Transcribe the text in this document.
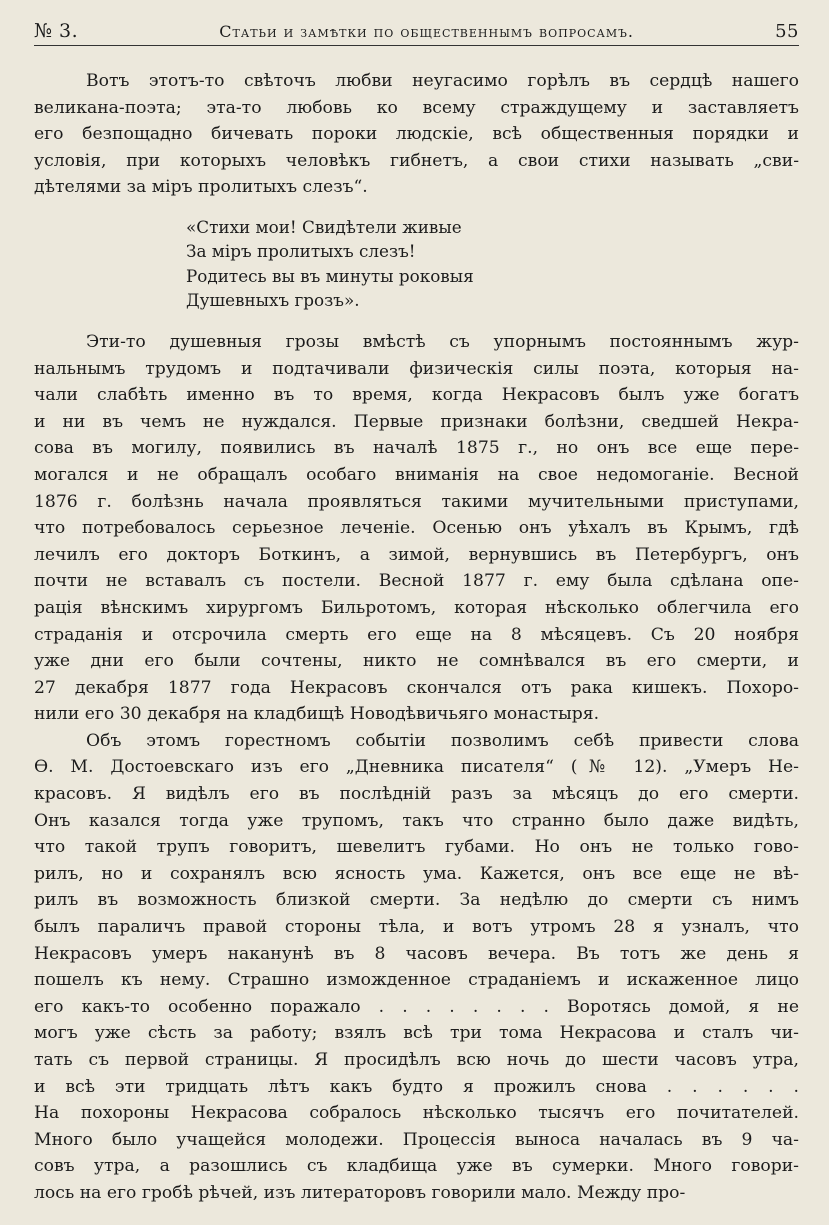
№ 3.	Статьи и замѣтки по общественнымъ вопросамъ.	55
Вотъ этотъ-то свѣточъ любви неугасимо горѣлъ въ сердцѣ нашего
великана-поэта; эта-то любовь ко всему страждущему и заставляетъ
его безпощадно бичевать пороки людскіе, всѣ общественныя порядки и
условія, при которыхъ человѣкъ гибнетъ, а свои стихи называть „сви-
дѣтелями за міръ пролитыхъ слезъ“.
«Стихи мои! Свидѣтели живые
За міръ пролитыхъ слезъ!
Родитесь вы въ минуты роковыя
Душевныхъ грозъ».
Эти-то душевныя грозы вмѣстѣ съ упорнымъ постояннымъ жур-
нальнымъ трудомъ и подтачивали физическія силы поэта, которыя на-
чали слабѣть именно въ то время, когда Некрасовъ былъ уже богатъ
и ни въ чемъ не нуждался. Первые признаки болѣзни, сведшей Некра-
сова въ могилу, появились въ началѣ 1875 г., но онъ все еще пере-
могался и не обращалъ особаго вниманія на свое недомоганіе. Весной
1876 г. болѣзнь начала проявляться такими мучительными приступами,
что потребовалось серьезное леченіе. Осенью онъ уѣхалъ въ Крымъ, гдѣ
лечилъ его докторъ Боткинъ, а зимой, вернувшись въ Петербургъ, онъ
почти не вставалъ съ постели. Весной 1877 г. ему была сдѣлана опе-
рація вѣнскимъ хирургомъ Бильротомъ, которая нѣсколько облегчила его
страданія и отсрочила смерть его еще на 8 мѣсяцевъ. Съ 20 ноября
уже дни его были сочтены, никто не сомнѣвался въ его смерти, и
27 декабря 1877 года Некрасовъ скончался отъ рака кишекъ. Похоро-
нили его 30 декабря на кладбищѣ Новодѣвичьяго монастыря.
Объ этомъ горестномъ событіи позволимъ себѣ привести слова
Ѳ. М. Достоевскаго изъ его „Дневника писателя“ (№ 12). „Умеръ Не-
красовъ. Я видѣлъ его въ послѣдній разъ за мѣсяцъ до его смерти.
Онъ казался тогда уже трупомъ, такъ что странно было даже видѣть,
что такой трупъ говоритъ, шевелитъ губами. Но онъ не только гово-
рилъ, но и сохранялъ всю ясность ума. Кажется, онъ все еще не вѣ-
рилъ въ возможность близкой смерти. За недѣлю до смерти съ нимъ
былъ параличъ правой стороны тѣла, и вотъ утромъ 28 я узналъ, что
Некрасовъ умеръ наканунѣ въ 8 часовъ вечера. Въ тотъ же день я
пошелъ къ нему. Страшно изможденное страданіемъ и искаженное лицо
его какъ-то особенно поражало . . . . . . . . Воротясь домой, я не
могъ уже сѣсть за работу; взялъ всѣ три тома Некрасова и сталъ чи-
тать съ первой страницы. Я просидѣлъ всю ночь до шести часовъ утра,
и всѣ эти тридцать лѣтъ какъ будто я прожилъ снова . . . . . .
На похороны Некрасова собралось нѣсколько тысячъ его почитателей.
Много было учащейся молодежи. Процессія выноса началась въ 9 ча-
совъ утра, а разошлись съ кладбища уже въ сумерки. Много говори-
лось на его гробѣ рѣчей, изъ литераторовъ говорили мало. Между про-
